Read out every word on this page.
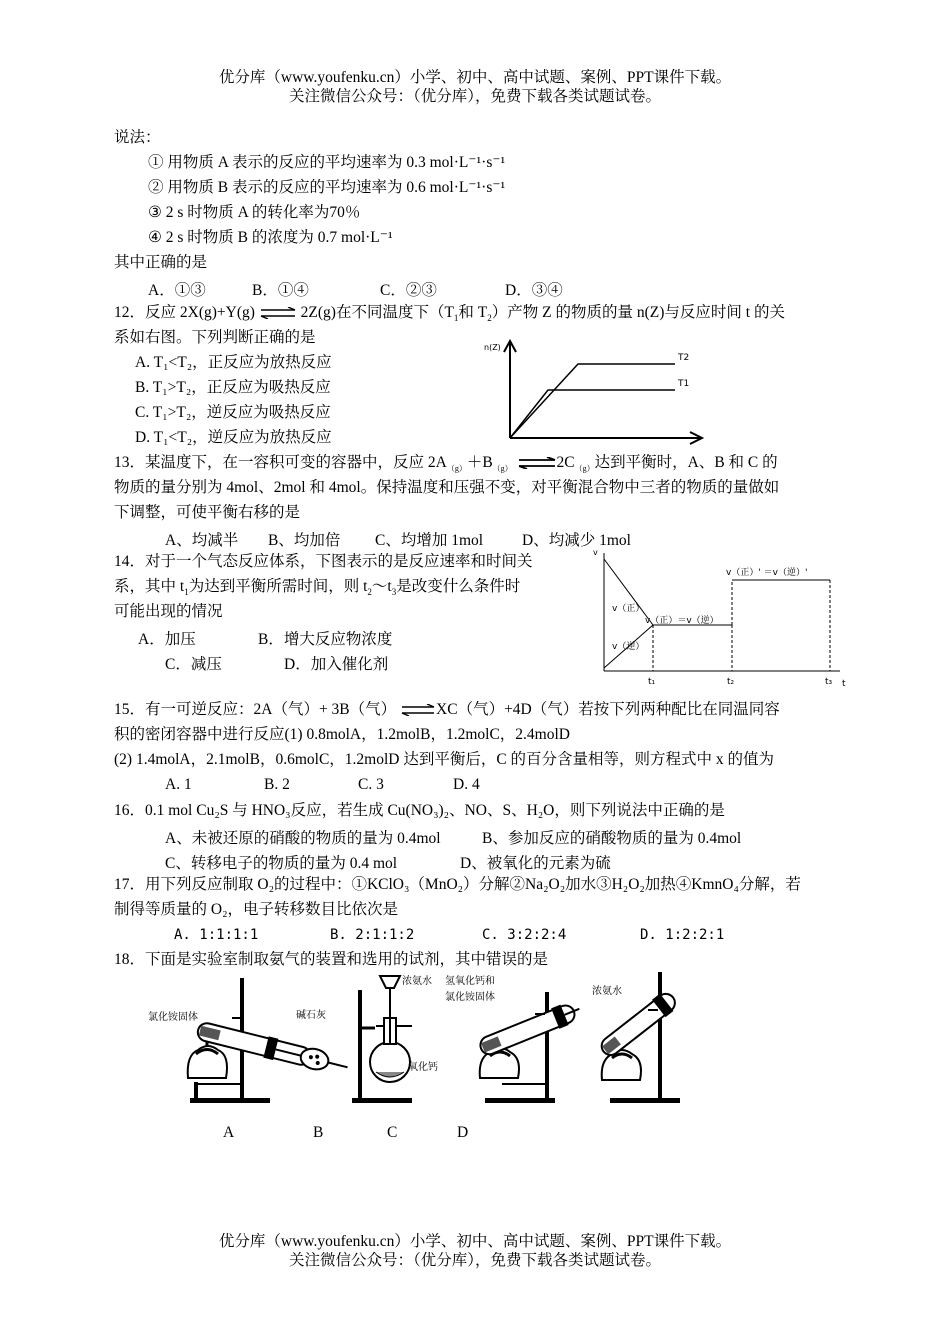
优分库（www.youfenku.cn）小学、初中、高中试题、案例、PPT课件下载。
关注微信公众号：（优分库），免费下载各类试题试卷。
说法：
① 用物质 A 表示的反应的平均速率为 0.3 mol·L⁻¹·s⁻¹
② 用物质 B 表示的反应的平均速率为 0.6 mol·L⁻¹·s⁻¹
③ 2 s 时物质 A 的转化率为70％
④ 2 s 时物质 B 的浓度为 0.7 mol·L⁻¹
其中正确的是
A．①③	B．①④	C．②③	D．③④
12．反应 2X(g)+Y(g) ⇌ 2Z(g)在不同温度下（$T_1$和 $T_2$）产物 Z 的物质的量 n(Z)与反应时间 t 的关
系如右图。下列判断正确的是
A. T₁<T₂，正反应为放热反应
B. T₁>T₂，正反应为吸热反应
C. T₁>T₂，逆反应为吸热反应
D. T₁<T₂，逆反应为放热反应
n(Z)
T2
T1
13．某温度下，在一容积可变的容器中，反应 $2A_{(g)}+B_{(g)}$ $\rightleftharpoons 2C_{(g)}$达到平衡时，A、B 和 C 的
物质的量分别为 4mol、2mol 和 4mol。保持温度和压强不变，对平衡混合物中三者的物质的量做如
下调整，可使平衡右移的是
A、均减半 B、均加倍 C、均增加 1mol	D、均减少 1mol
14．对于一个气态反应体系，下图表示的是反应速率和时间关
系，其中 $t_1$为达到平衡所需时间，则 $t_2\sim t_3$是改变什么条件时
可能出现的情况
A．加压	B．增大反应物浓度
C．减压	D．加入催化剂
v
t
v（正）' ＝v（逆）'
v（正）
v（逆）
v（正）＝v（逆）
t₁	t₂	t₃
15．有一可逆反应：2A（气）+ 3B（气） ⇌XC（气）+4D（气）若按下列两种配比在同温同容
积的密闭容器中进行反应(1) 0.8molA，1.2molB，1.2molC，2.4molD
(2) 1.4molA，2.1molB，0.6molC，1.2molD 达到平衡后，C 的百分含量相等，则方程式中 x 的值为
A. 1	B. 2	C. 3	D. 4
16．0.1 mol Cu₂S 与 HNO₃反应，若生成 Cu(NO₃)₂、NO、S、H₂O，则下列说法中正确的是
A、未被还原的硝酸的物质的量为 0.4mol	B、参加反应的硝酸物质的量为 0.4mol
C、转移电子的物质的量为 0.4 mol	D、被氧化的元素为硫
17．用下列反应制取 O₂的过程中：①KClO₃（MnO₂）分解②Na₂O₂加水③H₂O₂加热④KmnO₄分解，若
制得等质量的 O₂，电子转移数目比依次是
A. 1:1:1:1	B. 2:1:1:2	C. 3:2:2:4	D. 1:2:2:1
18．下面是实验室制取氨气的装置和选用的试剂，其中错误的是
氯化铵固体	碱石灰
浓氨水
氧化钙
氢氧化钙和
氯化铵固体
浓氨水
A	B	C	D
优分库（www.youfenku.cn）小学、初中、高中试题、案例、PPT课件下载。
关注微信公众号：（优分库），免费下载各类试题试卷。
